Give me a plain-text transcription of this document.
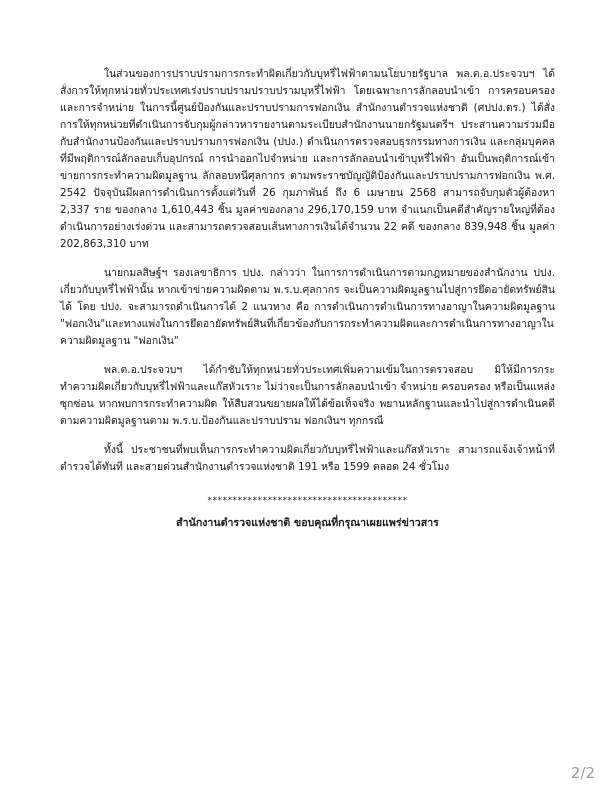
ในส่วนของการปราบปรามการกระทำผิดเกี่ยวกับบุหรี่ไฟฟ้าตามนโยบายรัฐบาล พล.ต.อ.ประจวบฯ ได้สั่งการให้ทุกหน่วยทั่วประเทศเร่งปราบปรามปราบปรามบุหรี่ไฟฟ้า โดยเฉพาะการลักลอบนำเข้า การครอบครอง และการจำหน่าย ในการนี้ศูนย์ป้องกันและปราบปรามการฟอกเงิน สำนักงานตำรวจแห่งชาติ (ศปปง.ตร.) ได้สั่งการให้ทุกหน่วยที่ดำเนินการจับกุมผู้กล่าวหารายงานตามระเบียบสำนักงานนายกรัฐมนตรีฯ ประสานความร่วมมือกับสำนักงานป้องกันและปราบปรามการฟอกเงิน (ปปง.) ดำเนินการตรวจสอบธุรกรรมทางการเงิน และกลุ่มบุคคลที่มีพฤติการณ์ลักลอบเก็บอุปกรณ์ การนำออกไปจำหน่าย และการลักลอบนำเข้าบุหรี่ไฟฟ้า อันเป็นพฤติการณ์เข้าข่ายการกระทำความผิดมูลฐาน ลักลอบหนีศุลกากร ตามพระราชบัญญัติป้องกันและปราบปรามการฟอกเงิน พ.ศ. 2542 ปัจจุบันมีผลการดำเนินการตั้งแต่วันที่ 26 กุมภาพันธ์ ถึง 6 เมษายน 2568 สามารถจับกุมตัวผู้ต้องหา 2,337 ราย ของกลาง 1,610,443 ชิ้น มูลค่าของกลาง 296,170,159 บาท จำแนกเป็นคดีสำคัญรายใหญ่ที่ต้องดำเนินการอย่างเร่งด่วน และสามารถตรวจสอบเส้นทางการเงินได้จำนวน 22 คดี ของกลาง 839,948 ชิ้น มูลค่า 202,863,310 บาท

นายกมลสิษฐ์ฯ รองเลขาธิการ ปปง. กล่าวว่า ในการการดำเนินการตามกฎหมายของสำนักงาน ปปง. เกี่ยวกับบุหรี่ไฟฟ้านั้น หากเข้าข่ายความผิดตาม พ.ร.บ.ศุลกากร จะเป็นความผิดมูลฐานไปสู่การยึดอายัดทรัพย์สินได้ โดย ปปง. จะสามารถดำเนินการได้ 2 แนวทาง คือ การดำเนินการดำเนินการทางอาญาในความผิดมูลฐาน "ฟอกเงิน"และทางแพ่งในการยึดอายัดทรัพย์สินที่เกี่ยวข้องกับการกระทำความผิดและการดำเนินการทางอาญาในความผิดมูลฐาน "ฟอกเงิน"

พล.ต.อ.ประจวบฯ ได้กำชับให้ทุกหน่วยทั่วประเทศเพิ่มความเข้มในการตรวจสอบ มิให้มีการกระทำความผิดเกี่ยวกับบุหรี่ไฟฟ้าและแก๊สหัวเราะ ไม่ว่าจะเป็นการลักลอบนำเข้า จำหน่าย ครอบครอง หรือเป็นแหล่งซุกซ่อน หากพบการกระทำความผิด ให้สืบสวนขยายผลให้ได้ข้อเท็จจริง พยานหลักฐานและนำไปสู่การดำเนินคดีตามความผิดมูลฐานตาม พ.ร.บ.ป้องกันและปราบปราม ฟอกเงินฯ ทุกกรณี

ทั้งนี้ ประชาชนที่พบเห็นการกระทำความผิดเกี่ยวกับบุหรี่ไฟฟ้าและแก๊สหัวเราะ สามารถแจ้งเจ้าหน้าที่ตำรวจได้ทันที และสายด่วนสำนักงานตำรวจแห่งชาติ 191 หรือ 1599 ตลอด 24 ชั่วโมง

****************************************

สำนักงานตำรวจแห่งชาติ ขอบคุณที่กรุณาเผยแพร่ข่าวสาร

2/2
